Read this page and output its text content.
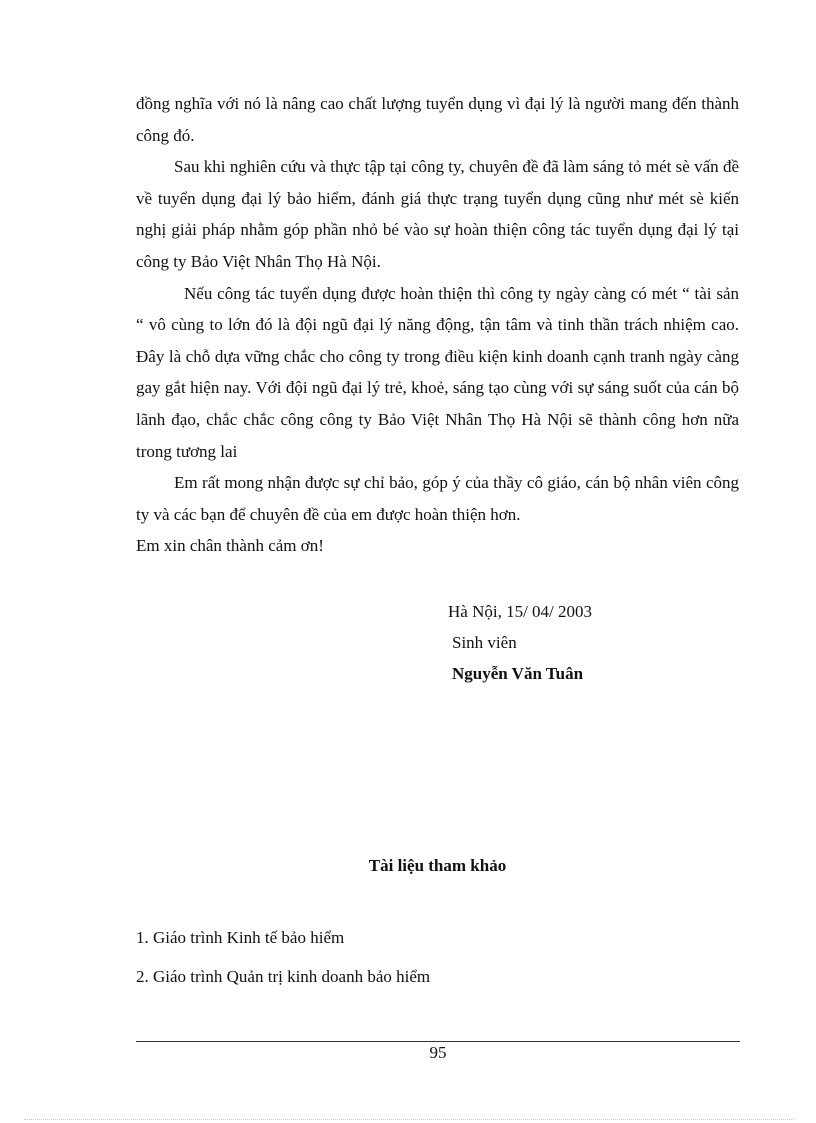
đồng nghĩa với nó là nâng cao chất lượng tuyển dụng vì đại lý là người mang đến thành công đó.

Sau khi nghiên cứu và thực tập tại công ty, chuyên đề đã làm sáng tỏ mét sè vấn đề về tuyển dụng đại lý bảo hiểm, đánh giá thực trạng tuyển dụng cũng như mét sè kiến nghị giải pháp nhằm góp phần nhỏ bé vào sự hoàn thiện công tác tuyển dụng đại lý tại công ty Bảo Việt Nhân Thọ Hà Nội.

Nếu công tác tuyển dụng được hoàn thiện thì công ty ngày càng có mét “ tài sản “ vô cùng to lớn đó là đội ngũ đại lý năng động, tận tâm và tinh thần trách nhiệm cao. Đây là chỗ dựa vững chắc cho công ty trong điều kiện kinh doanh cạnh tranh ngày càng gay gắt hiện nay. Với đội ngũ đại lý trẻ, khoẻ, sáng tạo cùng với sự sáng suốt của cán bộ lãnh đạo, chắc chắc công công ty Bảo Việt Nhân Thọ Hà Nội sẽ thành công hơn nữa trong tương lai

Em rất mong nhận được sự chỉ bảo, góp ý của thầy cô giáo, cán bộ nhân viên công ty và các bạn để chuyên đề của em được hoàn thiện hơn.

Em xin chân thành cảm ơn!

Hà Nội, 15/ 04/ 2003
Sinh viên
Nguyễn Văn Tuân
Tài liệu tham khảo
1. Giáo trình Kinh tế bảo hiểm
2. Giáo trình Quản trị kinh doanh bảo hiểm
95
